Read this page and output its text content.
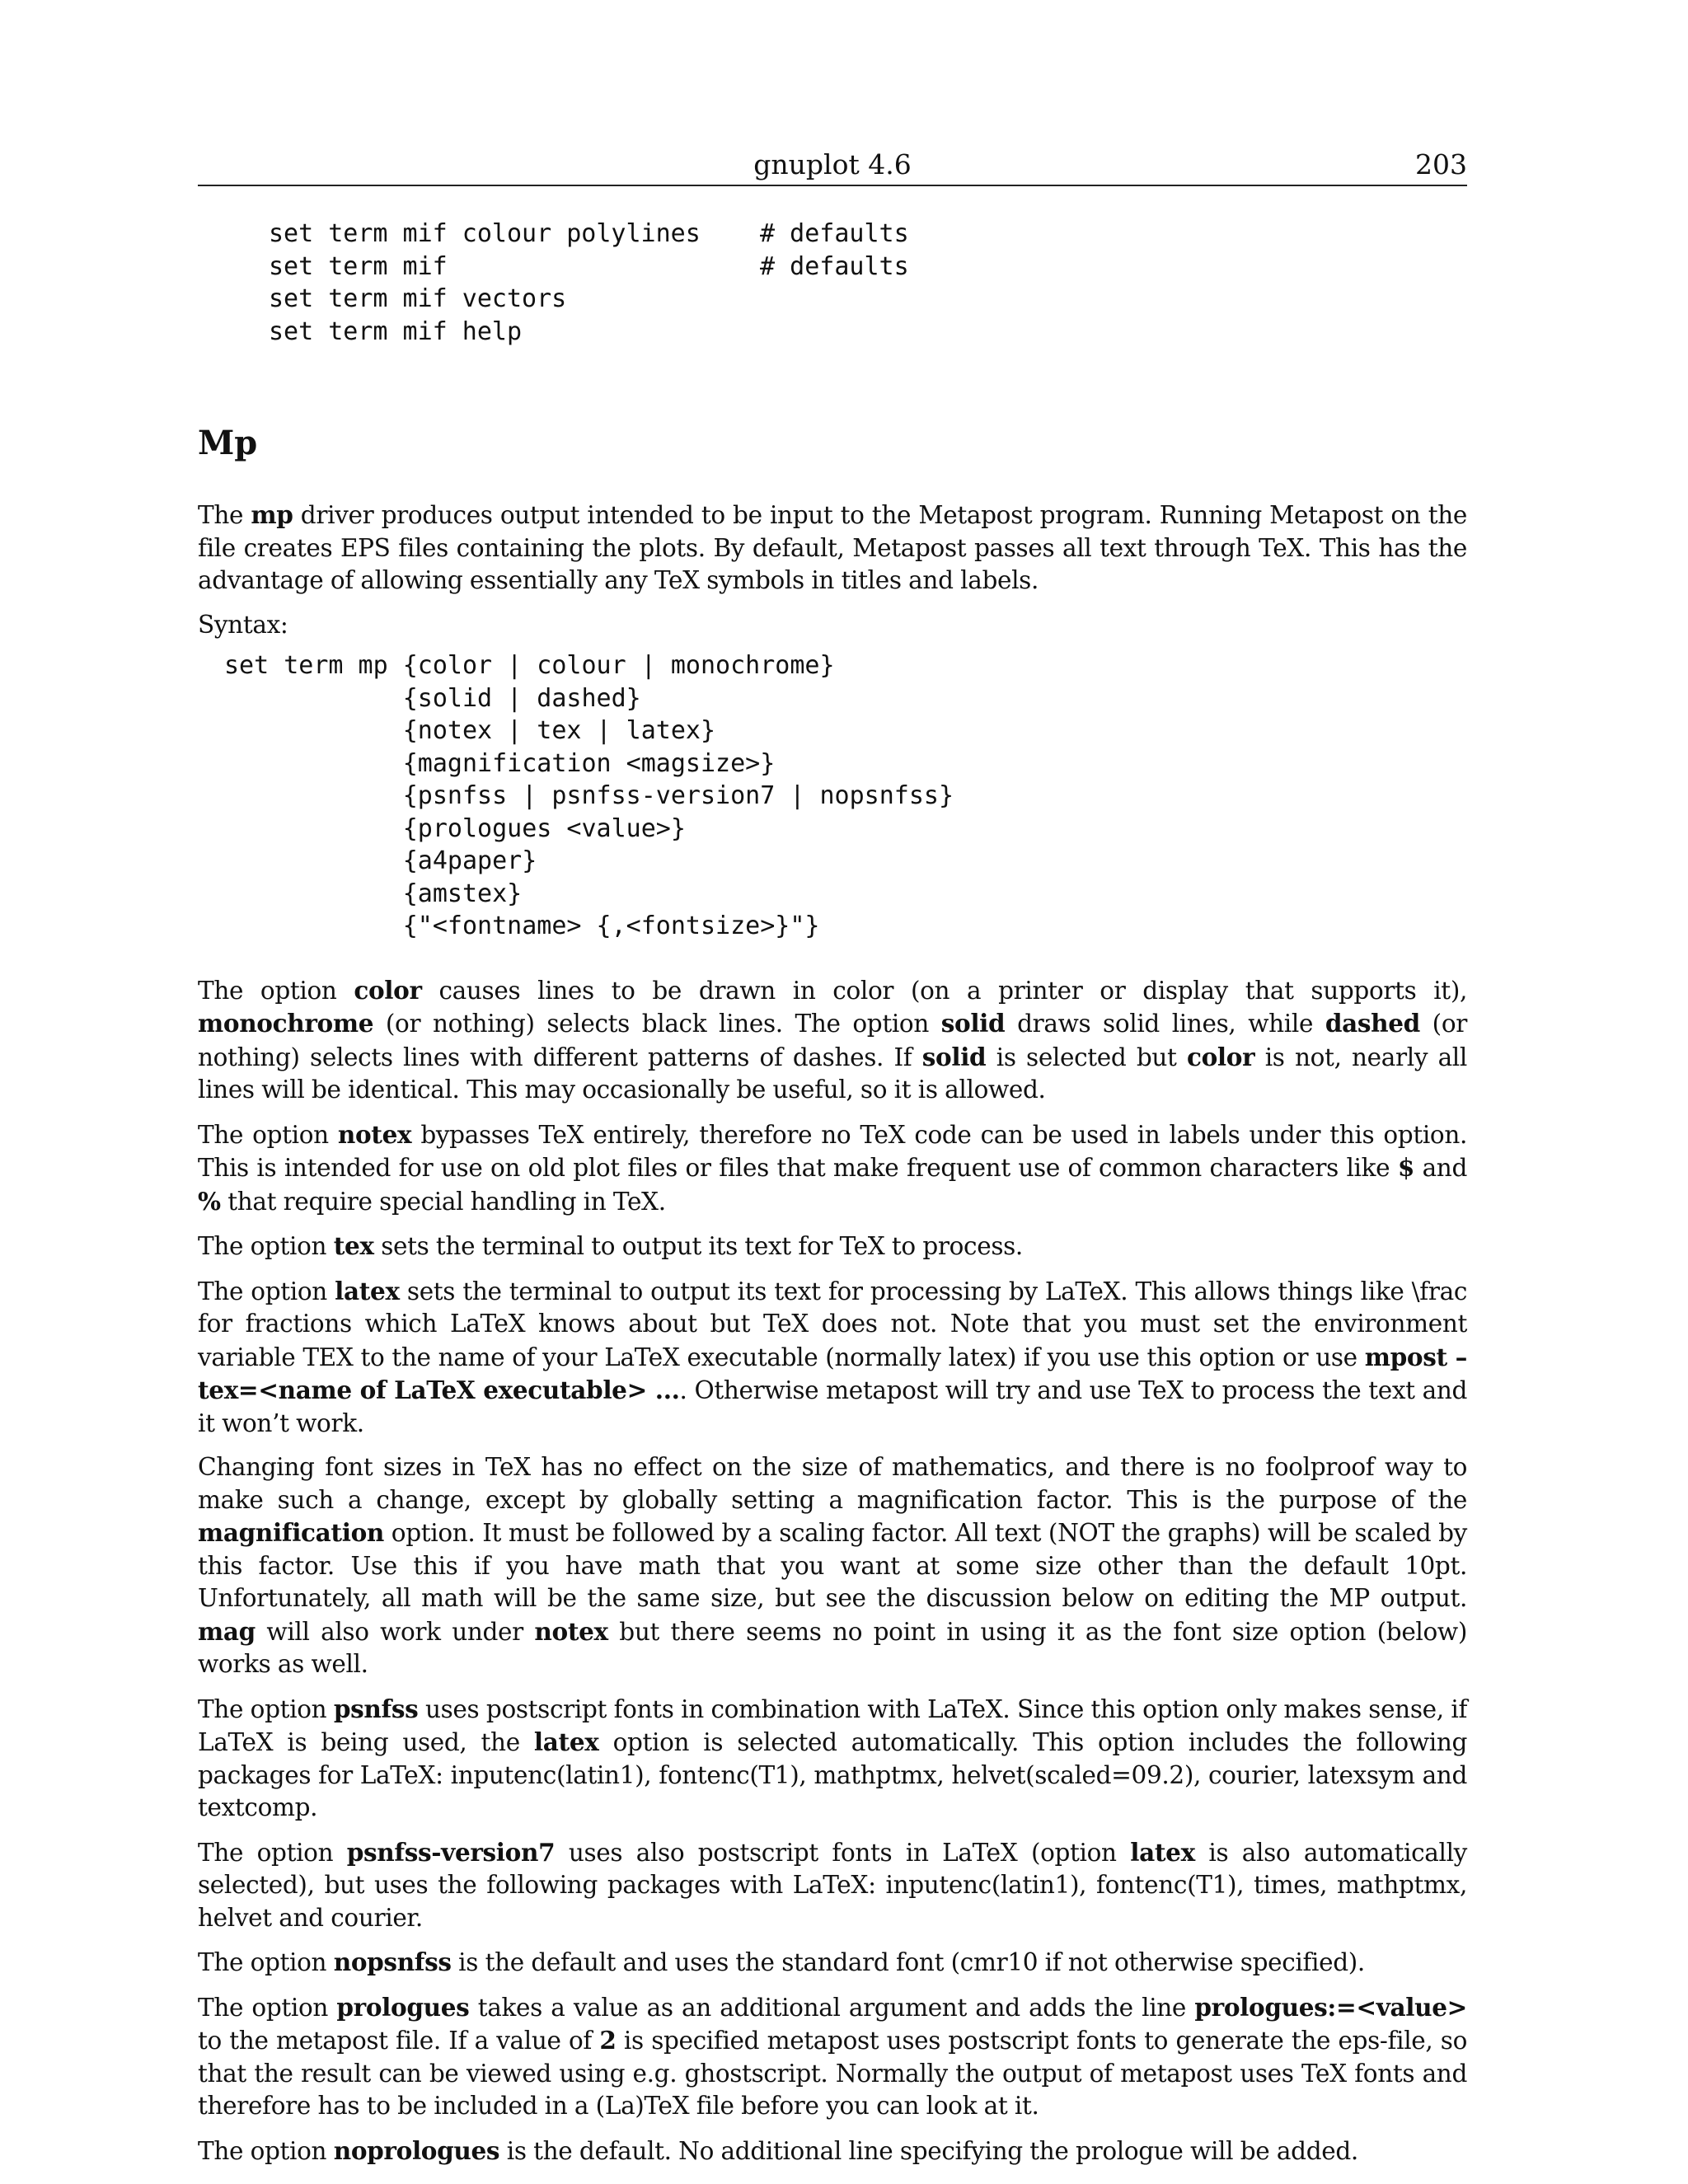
gnuplot 4.6	203
set term mif colour polylines    # defaults
set term mif                     # defaults
set term mif vectors
set term mif help
Mp

The mp driver produces output intended to be input to the Metapost program. Running Metapost on the file creates EPS files containing the plots. By default, Metapost passes all text through TeX. This has the advantage of allowing essentially any TeX symbols in titles and labels.

Syntax:

set term mp {color | colour | monochrome}
{solid | dashed}
{notex | tex | latex}
{magnification <magsize>}
{psnfss | psnfss-version7 | nopsnfss}
{prologues <value>}
{a4paper}
{amstex}
{"<fontname> {,<fontsize>}"}

The option color causes lines to be drawn in color (on a printer or display that supports it), monochrome (or nothing) selects black lines. The option solid draws solid lines, while dashed (or nothing) selects lines with different patterns of dashes. If solid is selected but color is not, nearly all lines will be identical. This may occasionally be useful, so it is allowed.

The option notex bypasses TeX entirely, therefore no TeX code can be used in labels under this option. This is intended for use on old plot files or files that make frequent use of common characters like $ and % that require special handling in TeX.

The option tex sets the terminal to output its text for TeX to process.

The option latex sets the terminal to output its text for processing by LaTeX. This allows things like \frac for fractions which LaTeX knows about but TeX does not. Note that you must set the environment variable TEX to the name of your LaTeX executable (normally latex) if you use this option or use mpost –tex=<name of LaTeX executable> .... Otherwise metapost will try and use TeX to process the text and it won’t work.

Changing font sizes in TeX has no effect on the size of mathematics, and there is no foolproof way to make such a change, except by globally setting a magnification factor. This is the purpose of the magnification option. It must be followed by a scaling factor. All text (NOT the graphs) will be scaled by this factor. Use this if you have math that you want at some size other than the default 10pt. Unfortunately, all math will be the same size, but see the discussion below on editing the MP output. mag will also work under notex but there seems no point in using it as the font size option (below) works as well.

The option psnfss uses postscript fonts in combination with LaTeX. Since this option only makes sense, if LaTeX is being used, the latex option is selected automatically. This option includes the following packages for LaTeX: inputenc(latin1), fontenc(T1), mathptmx, helvet(scaled=09.2), courier, latexsym and textcomp.

The option psnfss-version7 uses also postscript fonts in LaTeX (option latex is also automatically selected), but uses the following packages with LaTeX: inputenc(latin1), fontenc(T1), times, mathptmx, helvet and courier.

The option nopsnfss is the default and uses the standard font (cmr10 if not otherwise specified).

The option prologues takes a value as an additional argument and adds the line prologues:=<value> to the metapost file. If a value of 2 is specified metapost uses postscript fonts to generate the eps-file, so that the result can be viewed using e.g. ghostscript. Normally the output of metapost uses TeX fonts and therefore has to be included in a (La)TeX file before you can look at it.

The option noprologues is the default. No additional line specifying the prologue will be added.
